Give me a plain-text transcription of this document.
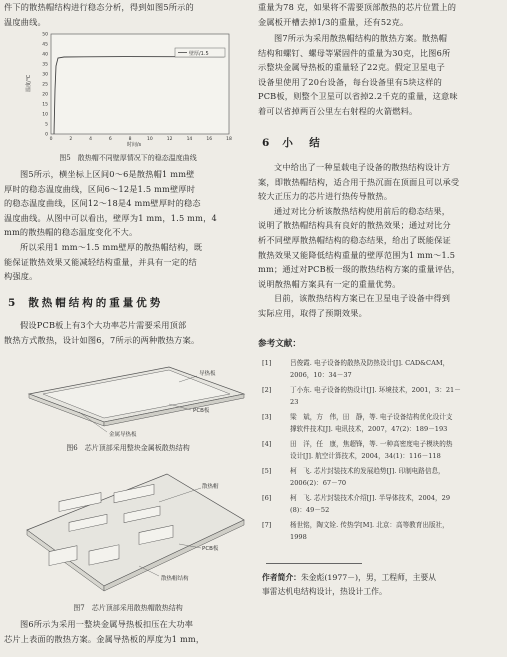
件下的散热帽结构进行稳态分析，得到如图5所示的

温度曲线。

温度/℃
时间/s
50
45
40
35
30
25
20
15
10
5
0
0	2	4	6	8	10	12	14	16	18
壁厚/1.5

图5　散热帽不同壁厚情况下的稳态温度曲线

图5所示，横坐标上区间0～6是散热帽1 mm壁

厚时的稳态温度曲线，区间6～12是1.5 mm壁厚时

的稳态温度曲线，区间12～18是4 mm壁厚时的稳态

温度曲线。从图中可以看出，壁厚为1 mm，1.5 mm，4

mm的散热帽的稳态温度变化不大。

所以采用1 mm～1.5 mm壁厚的散热帽结构，既

能保证散热效果又能减轻结构重量，并具有一定的结

构强度。

5 散热帽结构的重量优势

假设PCB板上有3个大功率芯片需要采用顶部

散热方式散热，设计如图6，7所示的两种散热方案。

导热板
PCB板
金属导热板

图6　芯片顶部采用整块金属板散热结构

散热帽
PCB板
散热帽结构

图7　芯片顶部采用散热帽散热结构

图6所示为采用一整块金属导热板扣压在大功率

芯片上表面的散热方案。金属导热板的厚度为1 mm，

重量为78 克，如果将不需要顶部散热的芯片位置上的

金属板开槽去掉1/3的重量，还有52克。

图7所示为采用散热帽结构的散热方案。散热帽

结构和螺钉、螺母等紧固件的重量为30克，比图6所

示整块金属导热板的重量轻了22克。假定卫星电子

设备里使用了20台设备，每台设备里有5块这样的

PCB板，则整个卫星可以省掉2.2千克的重量，这意味

着可以省掉两百公里左右射程的火箭燃料。

6 小　结

文中给出了一种星载电子设备的散热结构设计方

案，即散热帽结构，适合用于热沉面在顶面且可以承受

较大正压力的芯片进行热传导散热。

通过对比分析该散热结构使用前后的稳态结果，

说明了散热帽结构具有良好的散热效果；通过对比分

析不同壁厚散热帽结构的稳态结果，给出了既能保证

散热效果又能降低结构重量的壁厚范围为1 mm～1.5

mm；通过对PCB板一级的散热结构方案的重量评估，

说明散热帽方案具有一定的重量优势。

目前，该散热结构方案已在卫星电子设备中得到

实际应用，取得了预期效果。

参考文献：

[1]	吕俊霞. 电子设备的散热及防热设计[J]. CAD&CAM，
2006，10：34－37
[2]	丁小东. 电子设备的热设计[J]. 环境技术，2001，3：21－
23
[3]	梁　斌，方　伟，田　静，等. 电子设备结构优化设计支
撑软件技术[J]. 电讯技术，2007，47(2)：189－193
[4]	田　洋，任　康，焦超锋，等. 一种高密度电子模块的热
设计[J]. 航空计算技术，2004，34(1)：116－118
[5]	柯　飞. 芯片封装技术的发展趋势[J]. 印制电路信息，
2006(2)：67－70
[6]	柯　飞. 芯片封装技术介绍[J]. 半导体技术，2004，29
(8)：49－52
[7]	杨世铭，陶文铨. 传热学[M]. 北京：高等教育出版社，
1998

作者简介：朱金彪(1977－)，男，工程师，主要从

事雷达机电结构设计，热设计工作。
